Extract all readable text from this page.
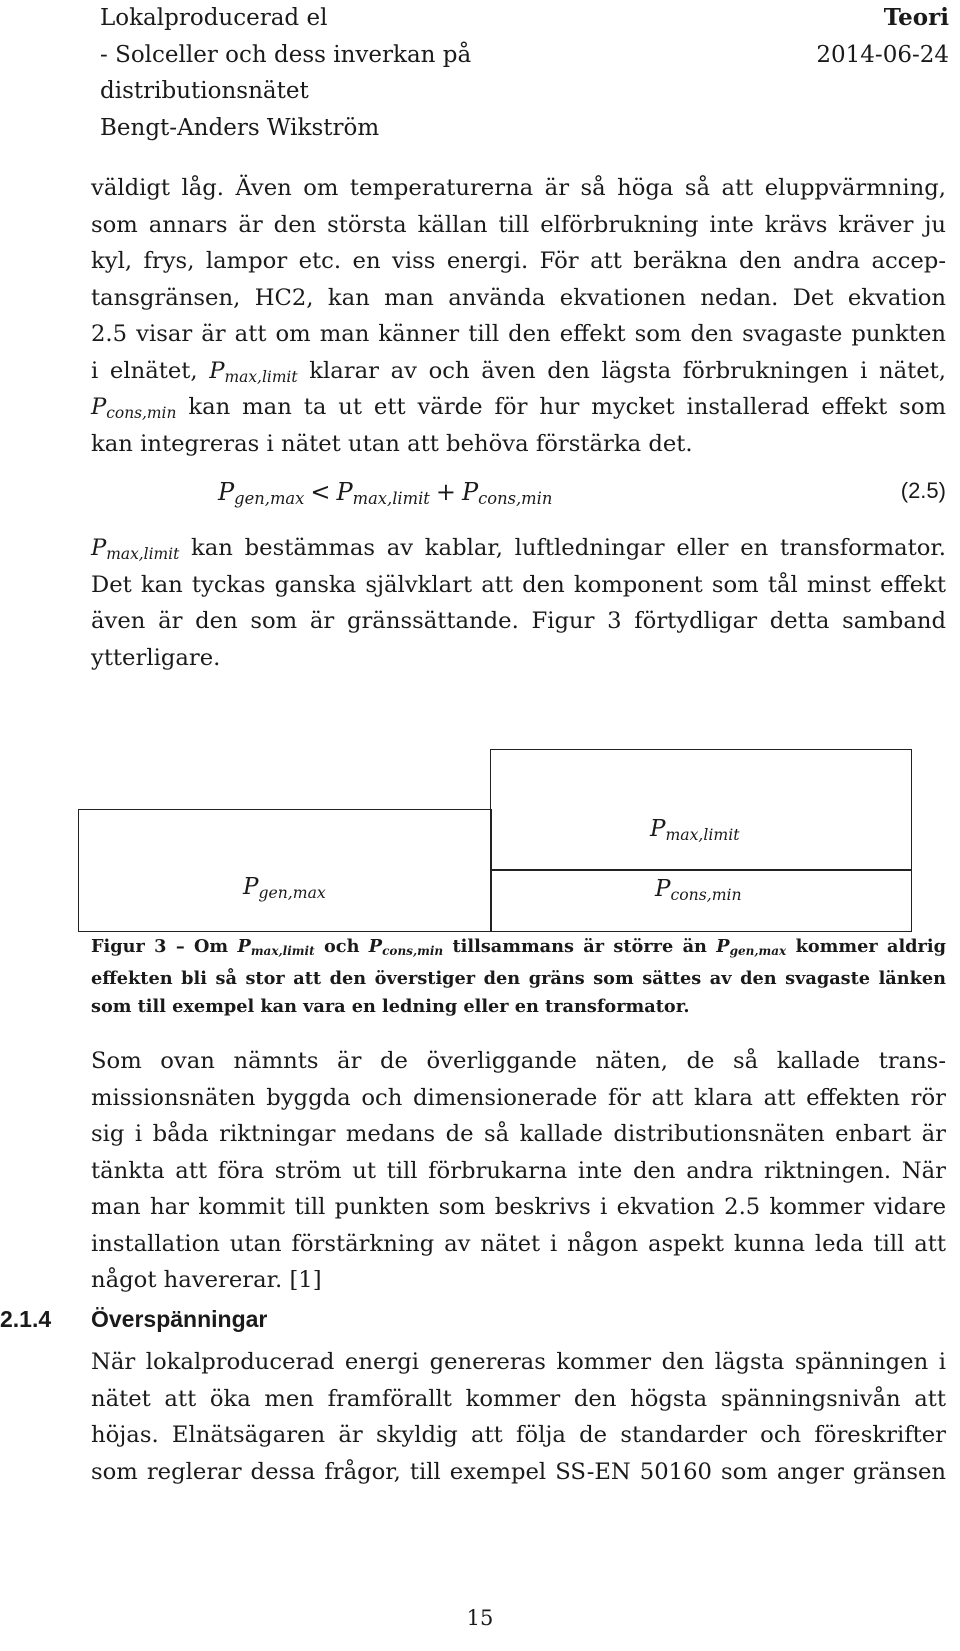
Lokalproducerad el
- Solceller och dess inverkan på
distributionsnätet
Bengt-Anders Wikström
Teori
2014-06-24
väldigt låg. Även om temperaturerna är så höga så att eluppvärmning,
som annars är den största källan till elförbrukning inte krävs kräver ju
kyl, frys, lampor etc. en viss energi. För att beräkna den andra accep-
tansgränsen, HC2, kan man använda ekvationen nedan. Det ekvation
2.5 visar är att om man känner till den effekt som den svagaste punkten
i elnätet, $P_{max,limit}$ klarar av och även den lägsta förbrukningen i nätet,
$P_{cons,min}$ kan man ta ut ett värde för hur mycket installerad effekt som
kan integreras i nätet utan att behöva förstärka det.
$P_{gen,max} < P_{max,limit} + P_{cons,min}$	(2.5)
$P_{max,limit}$ kan bestämmas av kablar, luftledningar eller en transformator.
Det kan tyckas ganska självklart att den komponent som tål minst effekt
även är den som är gränssättande. Figur 3 förtydligar detta samband
ytterligare.
$P_{gen,max}$
$P_{max,limit}$
$P_{cons,min}$
Figur 3 – Om $P_{max,limit}$ och $P_{cons,min}$ tillsammans är större än $P_{gen,max}$ kommer aldrig
effekten bli så stor att den överstiger den gräns som sättes av den svagaste länken
som till exempel kan vara en ledning eller en transformator.
Som ovan nämnts är de överliggande näten, de så kallade trans-
missionsnäten byggda och dimensionerade för att klara att effekten rör
sig i båda riktningar medans de så kallade distributionsnäten enbart är
tänkta att föra ström ut till förbrukarna inte den andra riktningen. När
man har kommit till punkten som beskrivs i ekvation 2.5 kommer vidare
installation utan förstärkning av nätet i någon aspekt kunna leda till att
något havererar. [1]
2.1.4 Överspänningar
När lokalproducerad energi genereras kommer den lägsta spänningen i
nätet att öka men framförallt kommer den högsta spänningsnivån att
höjas. Elnätsägaren är skyldig att följa de standarder och föreskrifter
som reglerar dessa frågor, till exempel SS-EN 50160 som anger gränsen
15
